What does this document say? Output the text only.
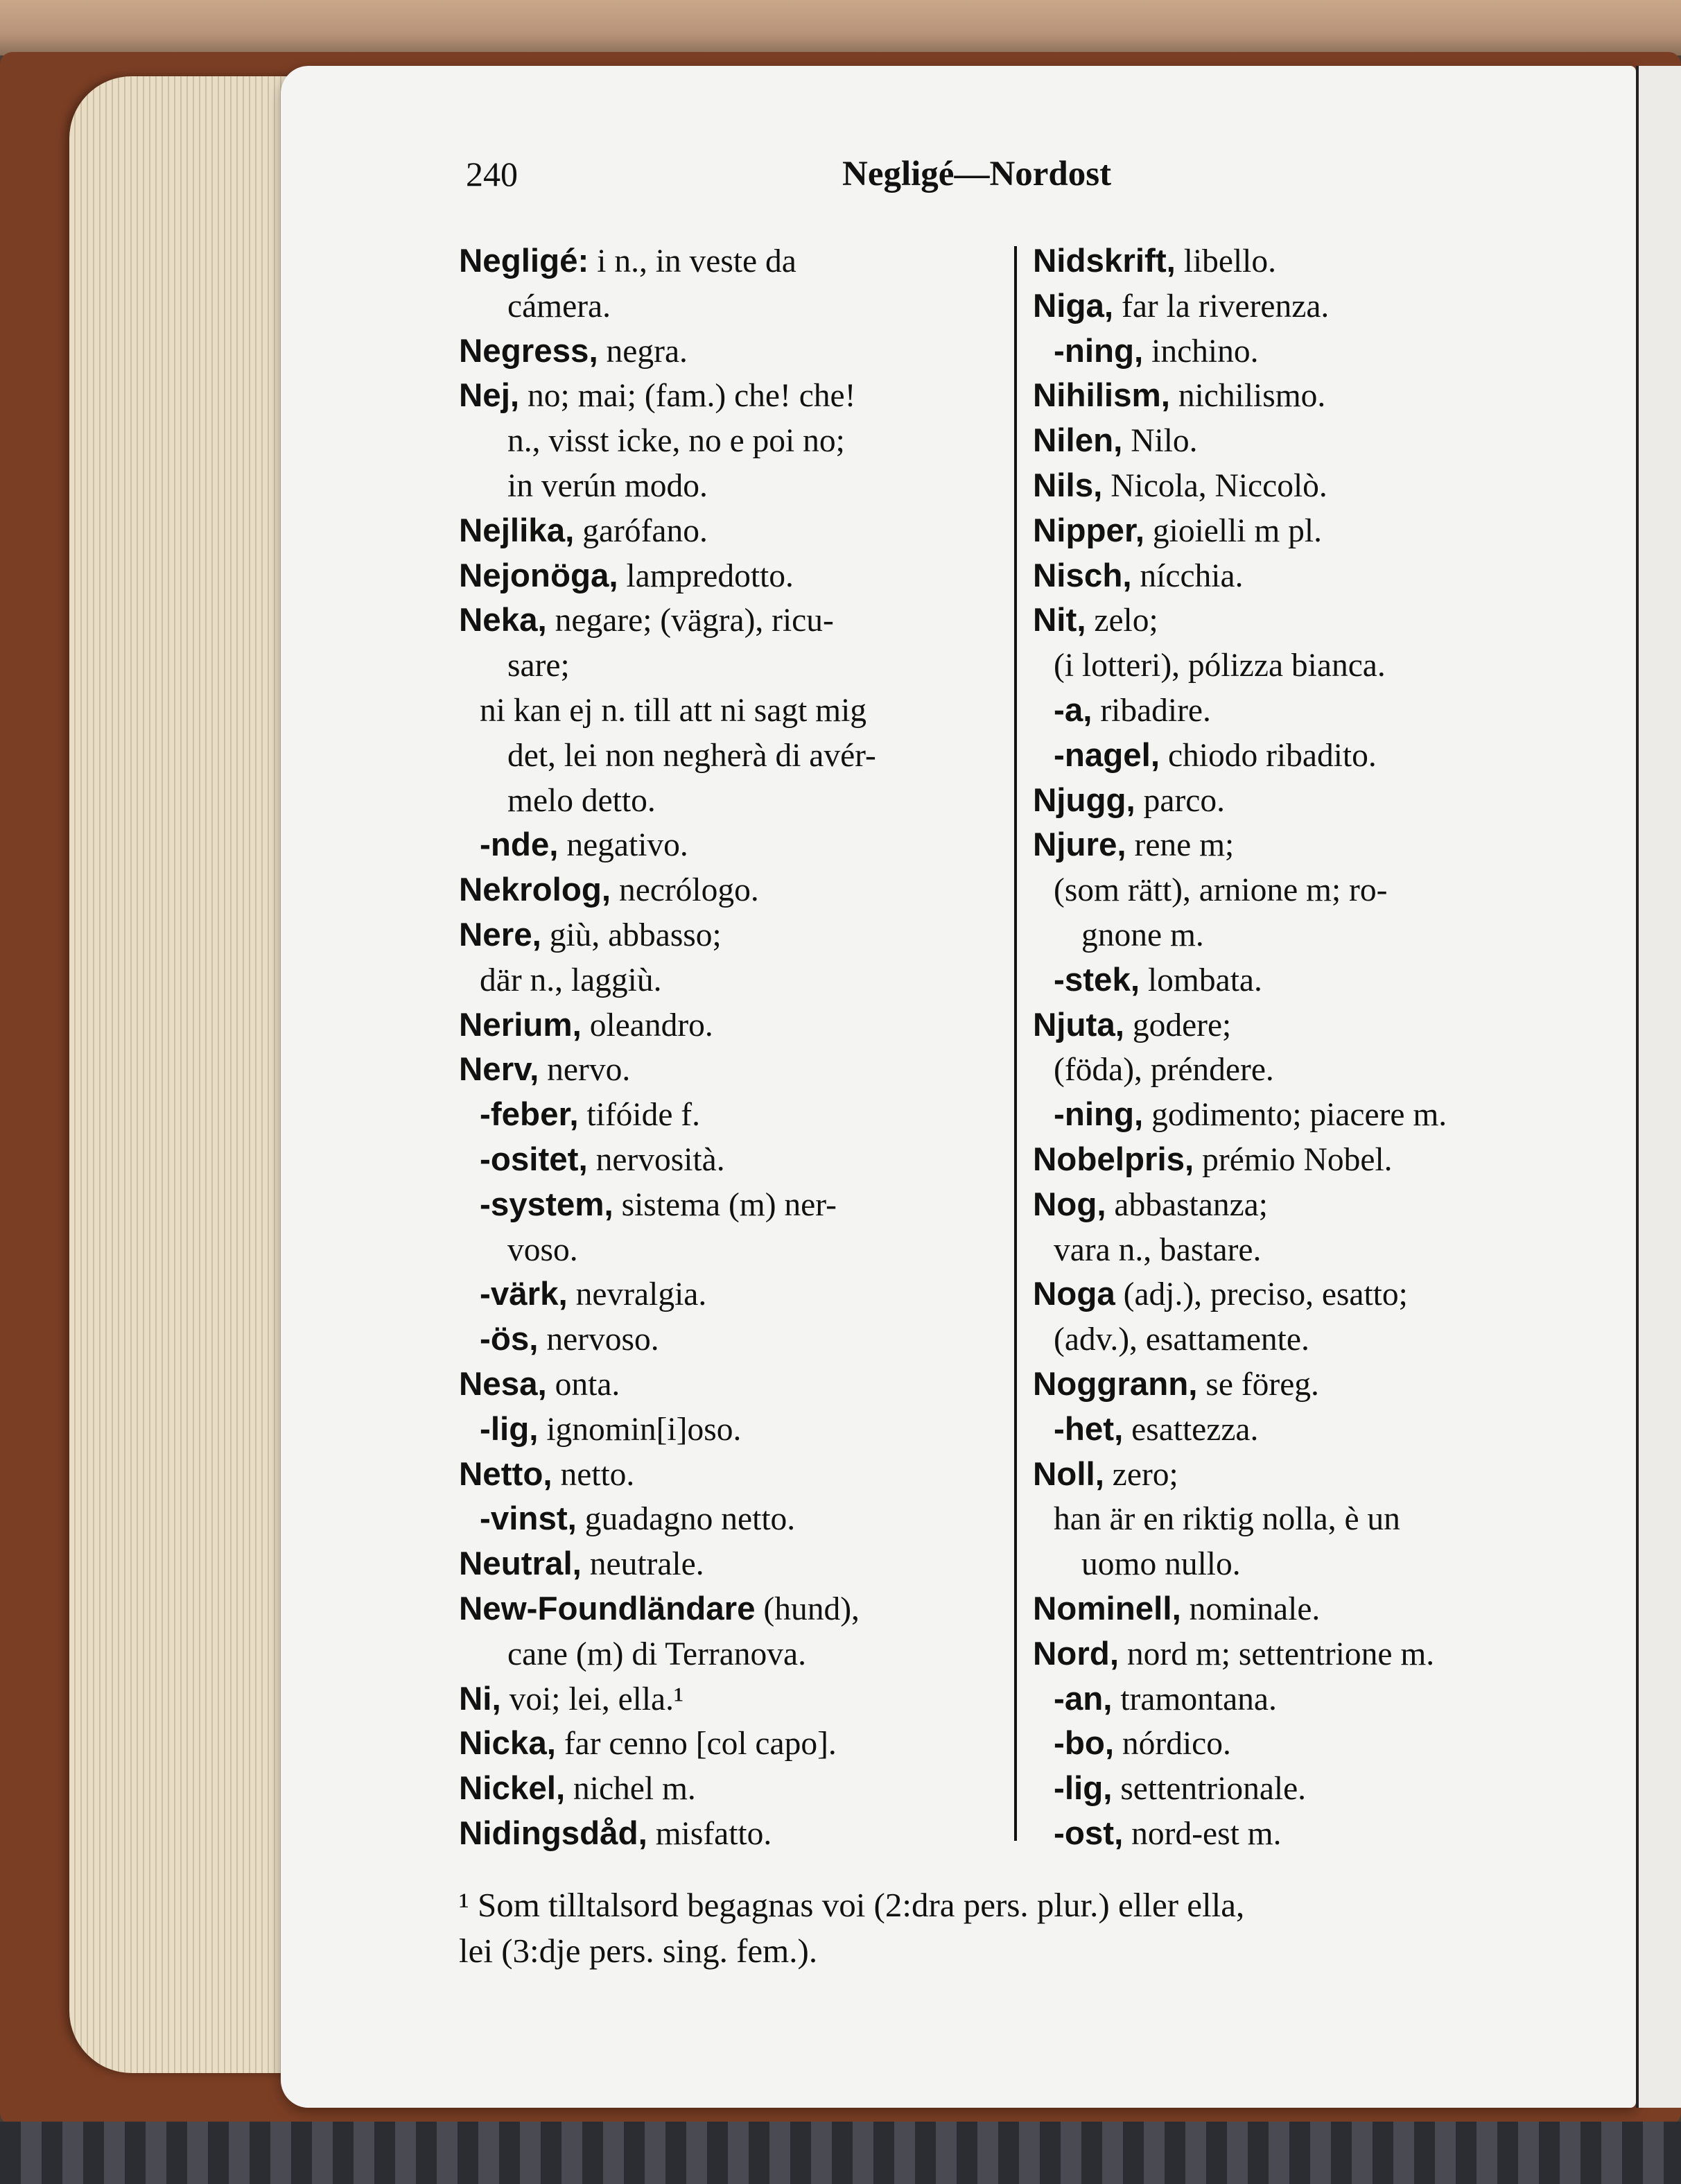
240	Negligé—Nordost

Negligé: i n., in veste da

cámera.

Negress, negra.

Nej, no; mai; (fam.) che! che!

n., visst icke, no e poi no;

in verún modo.

Nejlika, garófano.

Nejonöga, lampredotto.

Neka, negare; (vägra), ricu-

sare;

ni kan ej n. till att ni sagt mig

det, lei non negherà di avér-

melo detto.

-nde, negativo.

Nekrolog, necrólogo.

Nere, giù, abbasso;

där n., laggiù.

Nerium, oleandro.

Nerv, nervo.

-feber, tifóide f.

-ositet, nervosità.

-system, sistema (m) ner-

voso.

-värk, nevralgia.

-ös, nervoso.

Nesa, onta.

-lig, ignomin[i]oso.

Netto, netto.

-vinst, guadagno netto.

Neutral, neutrale.

New-Foundländare (hund),

cane (m) di Terranova.

Ni, voi; lei, ella.¹

Nicka, far cenno [col capo].

Nickel, nichel m.

Nidingsdåd, misfatto.

Nidskrift, libello.

Niga, far la riverenza.

-ning, inchino.

Nihilism, nichilismo.

Nilen, Nilo.

Nils, Nicola, Niccolò.

Nipper, gioielli m pl.

Nisch, nícchia.

Nit, zelo;

(i lotteri), pólizza bianca.

-a, ribadire.

-nagel, chiodo ribadito.

Njugg, parco.

Njure, rene m;

(som rätt), arnione m; ro-

gnone m.

-stek, lombata.

Njuta, godere;

(föda), préndere.

-ning, godimento; piacere m.

Nobelpris, prémio Nobel.

Nog, abbastanza;

vara n., bastare.

Noga (adj.), preciso, esatto;

(adv.), esattamente.

Noggrann, se föreg.

-het, esattezza.

Noll, zero;

han är en riktig nolla, è un

uomo nullo.

Nominell, nominale.

Nord, nord m; settentrione m.

-an, tramontana.

-bo, nórdico.

-lig, settentrionale.

-ost, nord-est m.

¹ Som tilltalsord begagnas voi (2:dra pers. plur.) eller ella,

lei (3:dje pers. sing. fem.).
